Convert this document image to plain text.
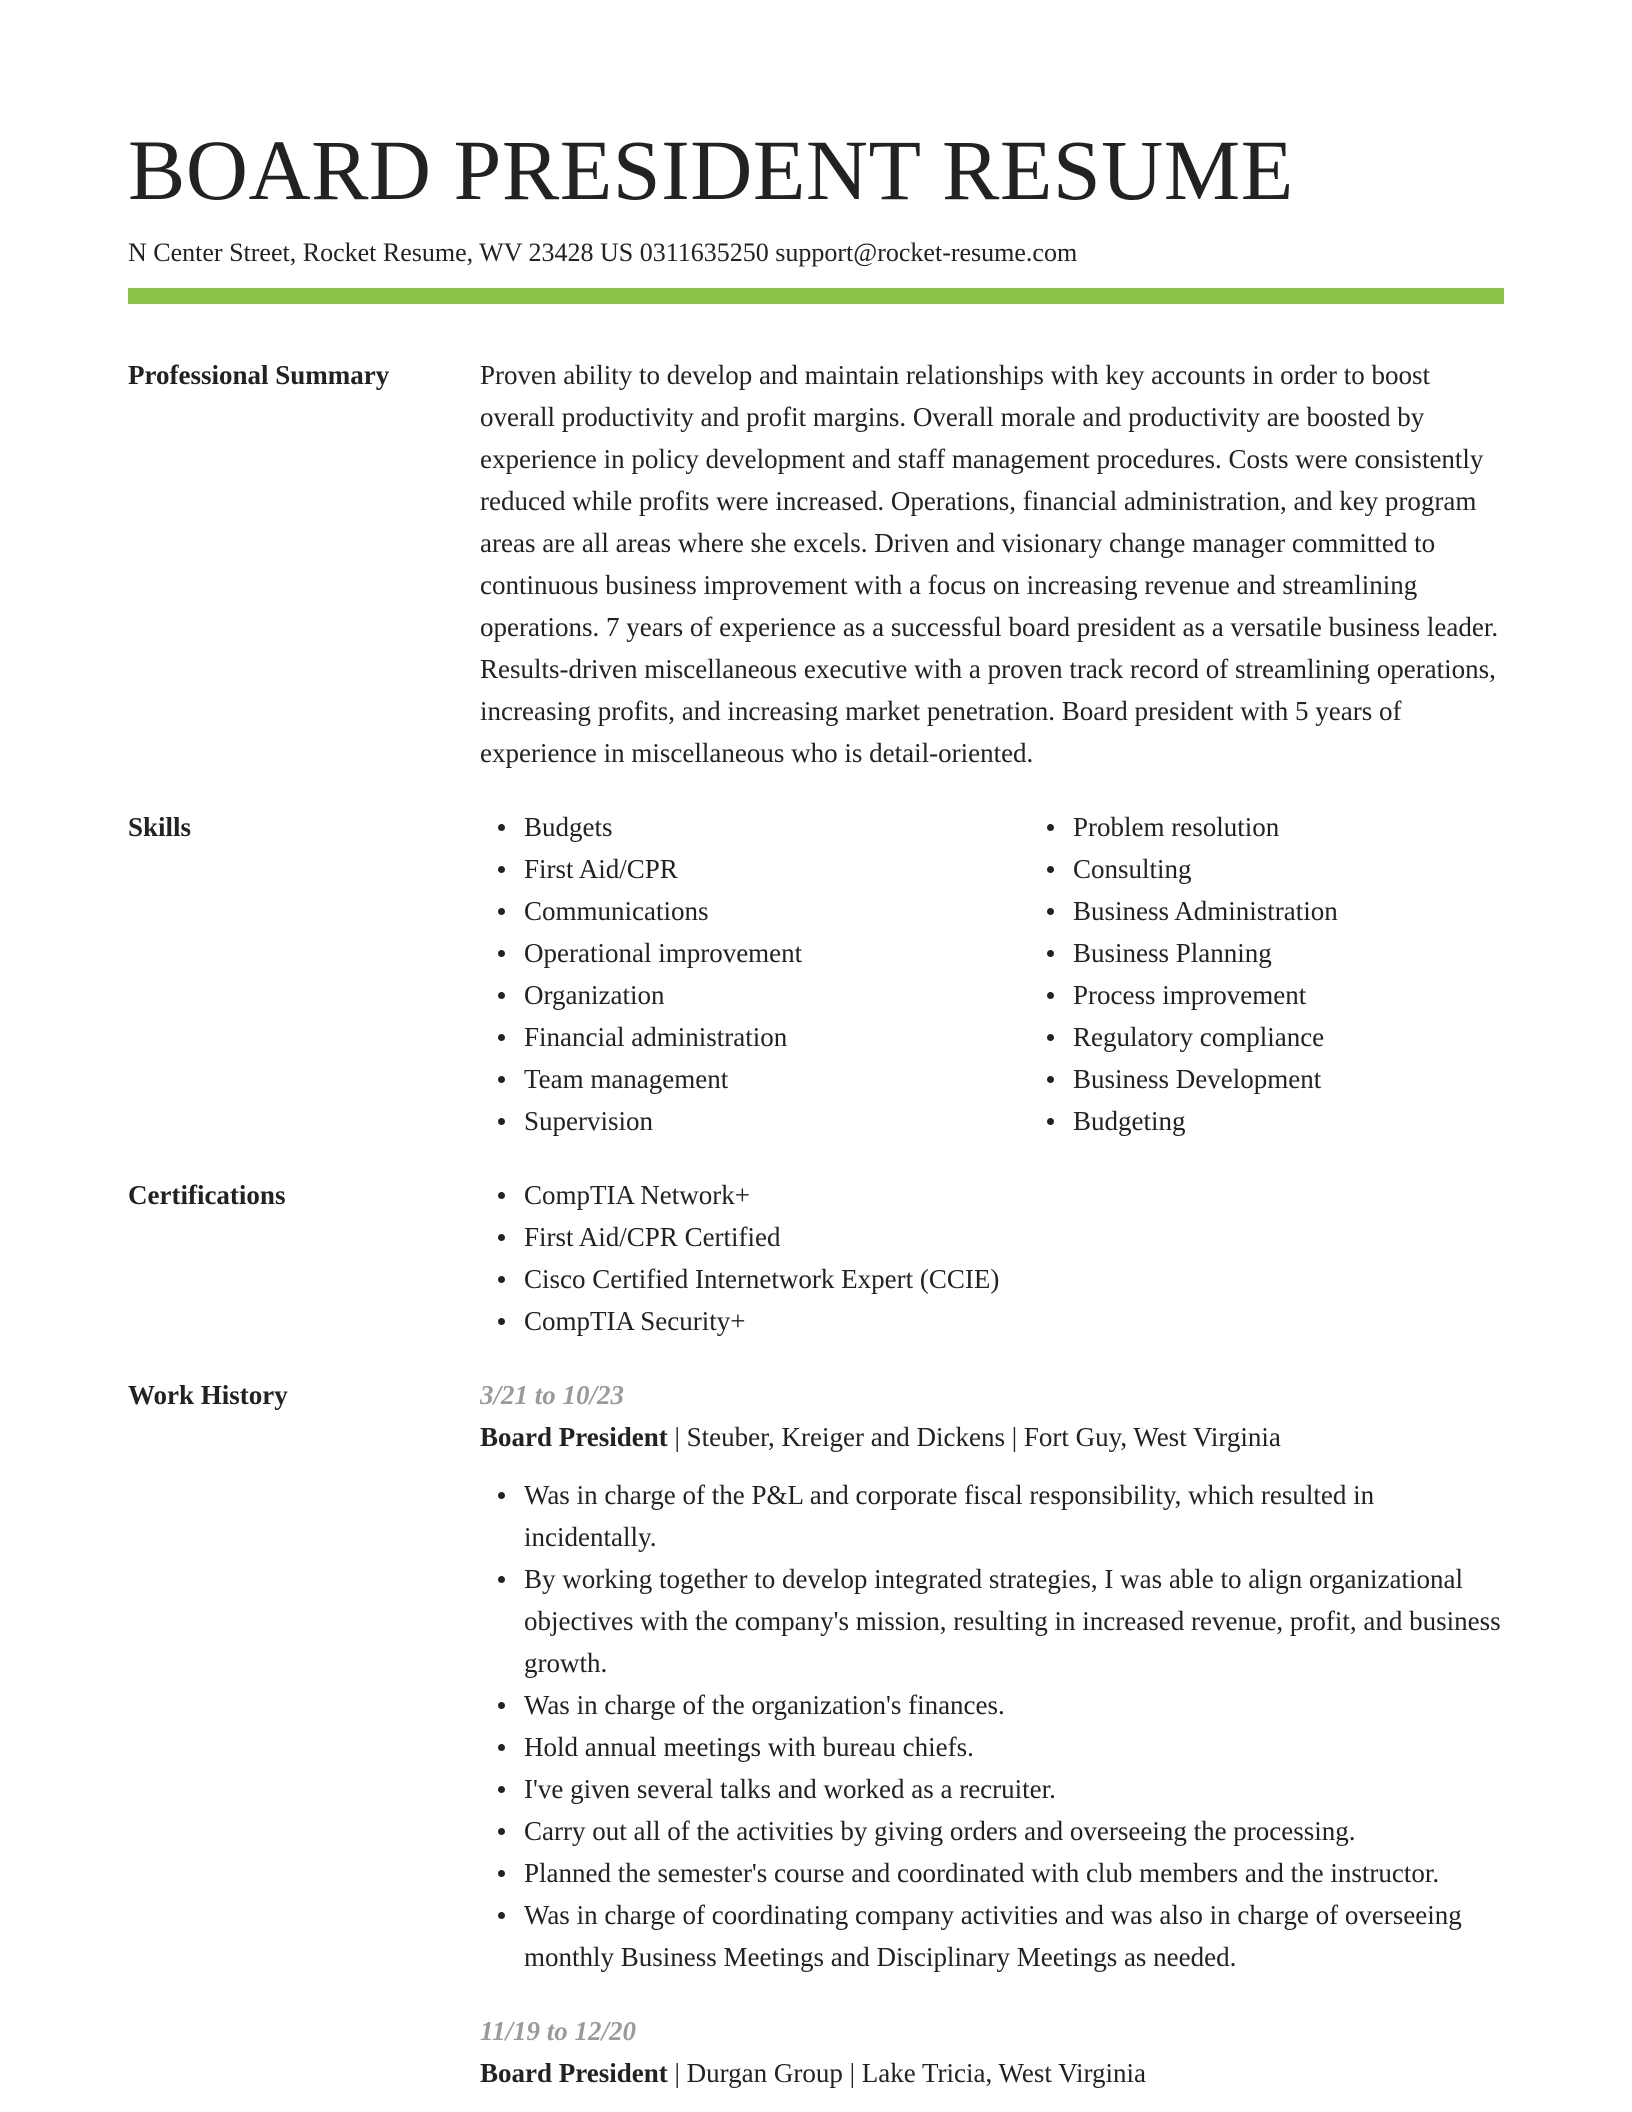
BOARD PRESIDENT RESUME
N Center Street, Rocket Resume, WV 23428 US 0311635250 support@rocket-resume.com
Professional Summary	Proven ability to develop and maintain relationships with key accounts in order to boost overall productivity and profit margins. Overall morale and productivity are boosted by experience in policy development and staff management procedures. Costs were consistently reduced while profits were increased. Operations, financial administration, and key program areas are all areas where she excels. Driven and visionary change manager committed to continuous business improvement with a focus on increasing revenue and streamlining operations. 7 years of experience as a successful board president as a versatile business leader. Results-driven miscellaneous executive with a proven track record of streamlining operations, increasing profits, and increasing market penetration. Board president with 5 years of experience in miscellaneous who is detail-oriented.

Skills	Budgets
First Aid/CPR
Communications
Operational improvement
Organization
Financial administration
Team management
Supervision
Problem resolution
Consulting
Business Administration
Business Planning
Process improvement
Regulatory compliance
Business Development
Budgeting
Certifications	CompTIA Network+
First Aid/CPR Certified
Cisco Certified Internetwork Expert (CCIE)
CompTIA Security+
Work History	3/21 to 10/23
Board President | Steuber, Kreiger and Dickens | Fort Guy, West Virginia
Was in charge of the P&L and corporate fiscal responsibility, which resulted in incidentally.
By working together to develop integrated strategies, I was able to align organizational objectives with the company's mission, resulting in increased revenue, profit, and business growth.
Was in charge of the organization's finances.
Hold annual meetings with bureau chiefs.
I've given several talks and worked as a recruiter.
Carry out all of the activities by giving orders and overseeing the processing.
Planned the semester's course and coordinated with club members and the instructor.
Was in charge of coordinating company activities and was also in charge of overseeing monthly Business Meetings and Disciplinary Meetings as needed.
11/19 to 12/20
Board President | Durgan Group | Lake Tricia, West Virginia
